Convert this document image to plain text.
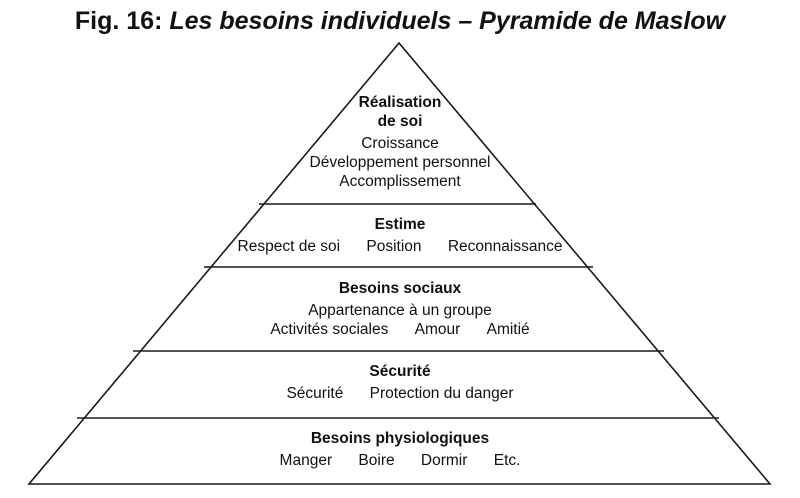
Fig. 16: Les besoins individuels – Pyramide de Maslow
Réalisation
de soi
Croissance
Développement personnel
Accomplissement
Estime
Respect de soi Position Reconnaissance
Besoins sociaux
Appartenance à un groupe
Activités sociales Amour Amitié
Sécurité
Sécurité Protection du danger
Besoins physiologiques
Manger Boire Dormir Etc.
